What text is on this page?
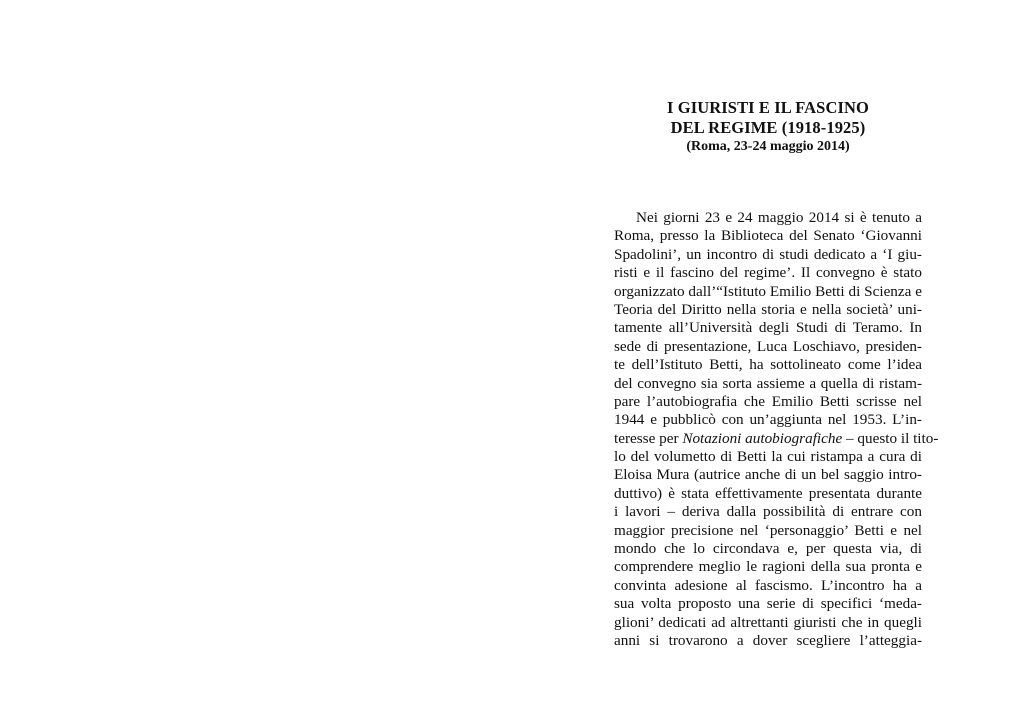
I GIURISTI E IL FASCINO
DEL REGIME (1918-1925)
(Roma, 23-24 maggio 2014)
Nei giorni 23 e 24 maggio 2014 si è tenuto a
Roma, presso la Biblioteca del Senato ‘Giovanni
Spadolini’, un incontro di studi dedicato a ‘I giu-
risti e il fascino del regime’. Il convegno è stato
organizzato dall’“Istituto Emilio Betti di Scienza e
Teoria del Diritto nella storia e nella società’ uni-
tamente all’Università degli Studi di Teramo. In
sede di presentazione, Luca Loschiavo, presiden-
te dell’Istituto Betti, ha sottolineato come l’idea
del convegno sia sorta assieme a quella di ristam-
pare l’autobiografia che Emilio Betti scrisse nel
1944 e pubblicò con un’aggiunta nel 1953. L’in-
teresse per Notazioni autobiografiche – questo il tito-
lo del volumetto di Betti la cui ristampa a cura di
Eloisa Mura (autrice anche di un bel saggio intro-
duttivo) è stata effettivamente presentata durante
i lavori – deriva dalla possibilità di entrare con
maggior precisione nel ‘personaggio’ Betti e nel
mondo che lo circondava e, per questa via, di
comprendere meglio le ragioni della sua pronta e
convinta adesione al fascismo. L’incontro ha a
sua volta proposto una serie di specifici ‘meda-
glioni’ dedicati ad altrettanti giuristi che in quegli
anni si trovarono a dover scegliere l’atteggia-
